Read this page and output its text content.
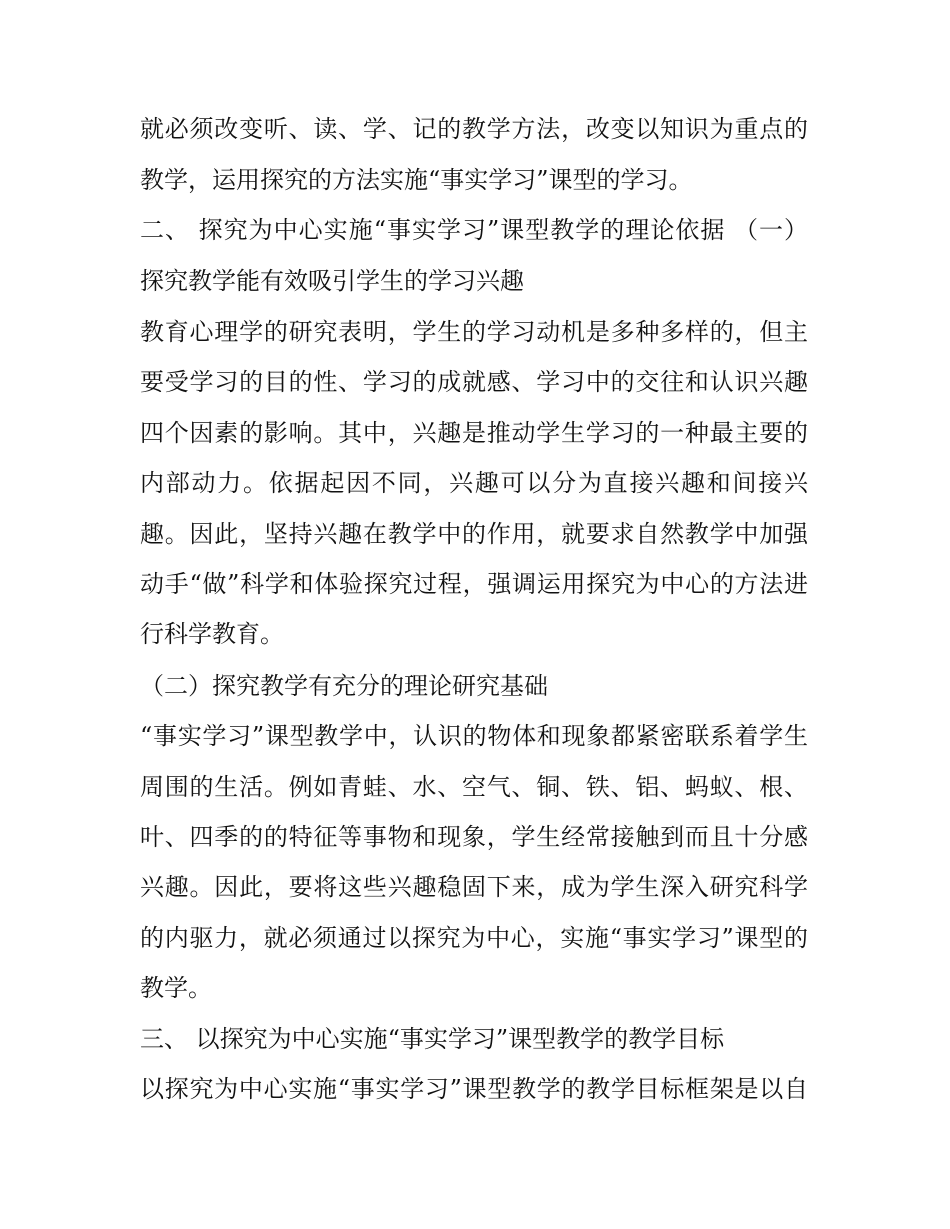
就必须改变听、读、学、记的教学方法，改变以知识为重点的
教学，运用探究的方法实施“事实学习”课型的学习。
二、 探究为中心实施“事实学习”课型教学的理论依据 （一）
探究教学能有效吸引学生的学习兴趣
教育心理学的研究表明，学生的学习动机是多种多样的，但主
要受学习的目的性、学习的成就感、学习中的交往和认识兴趣
四个因素的影响。其中，兴趣是推动学生学习的一种最主要的
内部动力。依据起因不同，兴趣可以分为直接兴趣和间接兴
趣。因此，坚持兴趣在教学中的作用，就要求自然教学中加强
动手“做”科学和体验探究过程，强调运用探究为中心的方法进
行科学教育。
（二）探究教学有充分的理论研究基础
“事实学习”课型教学中，认识的物体和现象都紧密联系着学生
周围的生活。例如青蛙、水、空气、铜、铁、铝、蚂蚁、根、
叶、四季的的特征等事物和现象，学生经常接触到而且十分感
兴趣。因此，要将这些兴趣稳固下来，成为学生深入研究科学
的内驱力，就必须通过以探究为中心，实施“事实学习”课型的
教学。
三、 以探究为中心实施“事实学习”课型教学的教学目标
以探究为中心实施“事实学习”课型教学的教学目标框架是以自
